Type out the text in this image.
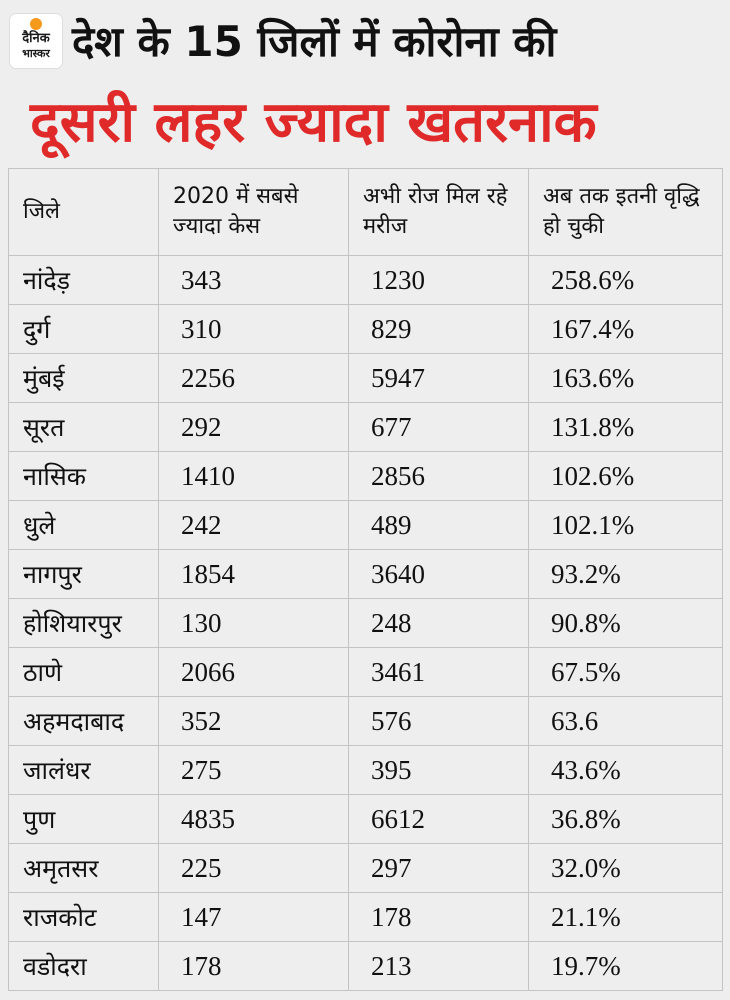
दैनिक
भास्कर देश के 15 जिलों में कोरोना की
दूसरी लहर ज्यादा खतरनाक
जिले	2020 में सबसे ज्यादा केस	अभी रोज मिल रहे मरीज	अब तक इतनी वृद्धि हो चुकी
नांदेड़	343	1230	258.6%
दुर्ग	310	829	167.4%
मुंबई	2256	5947	163.6%
सूरत	292	677	131.8%
नासिक	1410	2856	102.6%
धुले	242	489	102.1%
नागपुर	1854	3640	93.2%
होशियारपुर	130	248	90.8%
ठाणे	2066	3461	67.5%
अहमदाबाद	352	576	63.6
जालंधर	275	395	43.6%
पुण	4835	6612	36.8%
अमृतसर	225	297	32.0%
राजकोट	147	178	21.1%
वडोदरा	178	213	19.7%
